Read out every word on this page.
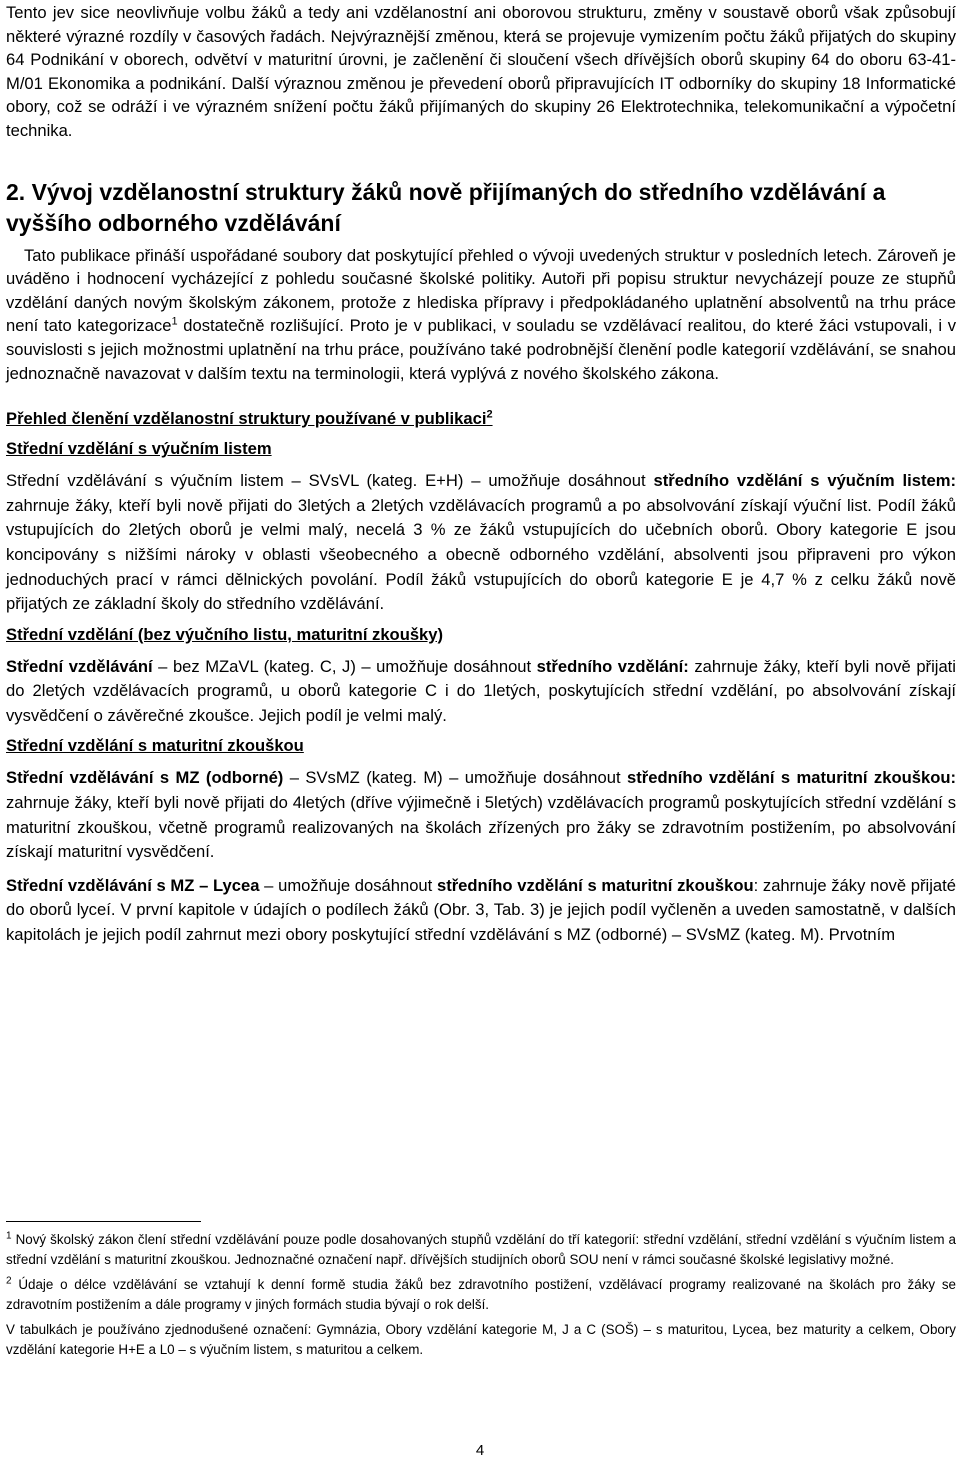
Tento jev sice neovlivňuje volbu žáků a tedy ani vzdělanostní ani oborovou strukturu, změny v soustavě oborů však způsobují některé výrazné rozdíly v časových řadách. Nejvýraznější změnou, která se projevuje vymizením počtu žáků přijatých do skupiny 64 Podnikání v oborech, odvětví v maturitní úrovni, je začlenění či sloučení všech dřívějších oborů skupiny 64 do oboru 63-41-M/01 Ekonomika a podnikání. Další výraznou změnou je převedení oborů připravujících IT odborníky do skupiny 18 Informatické obory, což se odráží i ve výrazném snížení počtu žáků přijímaných do skupiny 26 Elektrotechnika, telekomunikační a výpočetní technika.

2. Vývoj vzdělanostní struktury žáků nově přijímaných do středního vzdělávání a vyššího odborného vzdělávání

Tato publikace přináší uspořádané soubory dat poskytující přehled o vývoji uvedených struktur v posledních letech. Zároveň je uváděno i hodnocení vycházející z pohledu současné školské politiky. Autoři při popisu struktur nevycházejí pouze ze stupňů vzdělání daných novým školským zákonem, protože z hlediska přípravy i předpokládaného uplatnění absolventů na trhu práce není tato kategorizace$^1$ dostatečně rozlišující. Proto je v publikaci, v souladu se vzdělávací realitou, do které žáci vstupovali, i v souvislosti s jejich možnostmi uplatnění na trhu práce, používáno také podrobnější členění podle kategorií vzdělávání, se snahou jednoznačně navazovat v dalším textu na terminologii, která vyplývá z nového školského zákona.

Přehled členění vzdělanostní struktury používané v publikaci$^2$
Střední vzdělání s výučním listem

Střední vzdělávání s výučním listem – SVsVL (kateg. E+H) – umožňuje dosáhnout středního vzdělání s výučním listem: zahrnuje žáky, kteří byli nově přijati do 3letých a 2letých vzdělávacích programů a po absolvování získají výuční list. Podíl žáků vstupujících do 2letých oborů je velmi malý, necelá 3 % ze žáků vstupujících do učebních oborů. Obory kategorie E jsou koncipovány s nižšími nároky v oblasti všeobecného a obecně odborného vzdělání, absolventi jsou připraveni pro výkon jednoduchých prací v rámci dělnických povolání. Podíl žáků vstupujících do oborů kategorie E je 4,7 % z celku žáků nově přijatých ze základní školy do středního vzdělávání.

Střední vzdělání (bez výučního listu, maturitní zkoušky)

Střední vzdělávání – bez MZaVL (kateg. C, J) – umožňuje dosáhnout středního vzdělání: zahrnuje žáky, kteří byli nově přijati do 2letých vzdělávacích programů, u oborů kategorie C i do 1letých, poskytujících střední vzdělání, po absolvování získají vysvědčení o závěrečné zkoušce. Jejich podíl je velmi malý.

Střední vzdělání s maturitní zkouškou

Střední vzdělávání s MZ (odborné) – SVsMZ (kateg. M) – umožňuje dosáhnout středního vzdělání s maturitní zkouškou: zahrnuje žáky, kteří byli nově přijati do 4letých (dříve výjimečně i 5letých) vzdělávacích programů poskytujících střední vzdělání s maturitní zkouškou, včetně programů realizovaných na školách zřízených pro žáky se zdravotním postižením, po absolvování získají maturitní vysvědčení.

Střední vzdělávání s MZ – Lycea – umožňuje dosáhnout středního vzdělání s maturitní zkouškou: zahrnuje žáky nově přijaté do oborů lyceí. V první kapitole v údajích o podílech žáků (Obr. 3, Tab. 3) je jejich podíl vyčleněn a uveden samostatně, v dalších kapitolách je jejich podíl zahrnut mezi obory poskytující střední vzdělávání s MZ (odborné) – SVsMZ (kateg. M). Prvotním

$^1$ Nový školský zákon člení střední vzdělávání pouze podle dosahovaných stupňů vzdělání do tří kategorií: střední vzdělání, střední vzdělání s výučním listem a střední vzdělání s maturitní zkouškou. Jednoznačné označení např. dřívějších studijních oborů SOU není v rámci současné školské legislativy možné.

$^2$ Údaje o délce vzdělávání se vztahují k denní formě studia žáků bez zdravotního postižení, vzdělávací programy realizované na školách pro žáky se zdravotním postižením a dále programy v jiných formách studia bývají o rok delší.

V tabulkách je používáno zjednodušené označení: Gymnázia, Obory vzdělání kategorie M, J a C (SOŠ) – s maturitou, Lycea, bez maturity a celkem, Obory vzdělání kategorie H+E a L0 – s výučním listem, s maturitou a celkem.

4
